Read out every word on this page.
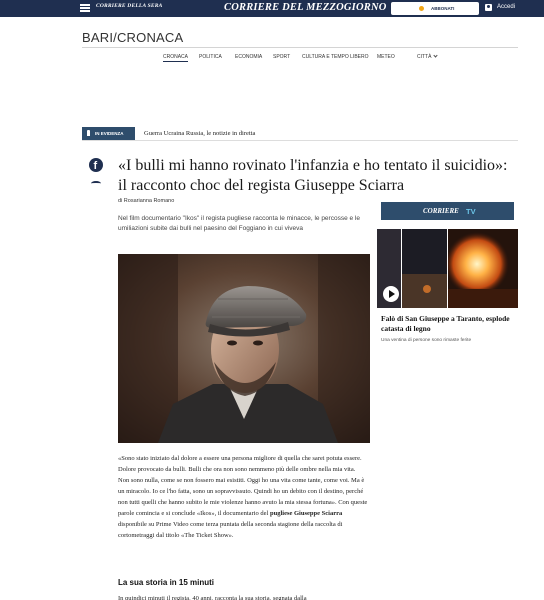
CORRIERE DELLA SERA	CORRIERE DEL MEZZOGIORNO	ABBONATI	Accedi
BARI/CRONACA
CRONACA POLITICA	ECONOMIA SPORT CULTURA E TEMPO LIBERO METEO	CITTÀ
IN EVIDENZA	Guerra Ucraina Russia, le notizie in diretta
f «I bulli mi hanno rovinato l'infanzia e ho tentato il suicidio»: il racconto choc del regista Giuseppe Sciarra
di Rosarianna Romano

Nel film documentario "Ikos" il regista pugliese racconta le minacce, le percosse e le umiliazioni subite dai bulli nel paesino del Foggiano in cui viveva

«Sono stato iniziato dal dolore a essere una persona migliore di quella che sarei potuta essere. Dolore provocato da bulli. Bulli che ora non sono nemmeno più delle ombre nella mia vita. Non sono nulla, come se non fossero mai esistiti. Oggi ho una vita come tante, come voi. Ma è un miracolo. Io ce l'ho fatta, sono un sopravvissuto. Quindi ho un debito con il destino, perché non tutti quelli che hanno subito le mie violenze hanno avuto la mia stessa fortuna». Con queste parole comincia e si conclude «Ikos», il documentario del pugliese Giuseppe Sciarra disponibile su Prime Video come terza puntata della seconda stagione della raccolta di cortometraggi dal titolo «The Ticket Show».
La sua storia in 15 minuti
In quindici minuti il regista, 40 anni, racconta la sua storia, segnata dalla
CORRIERE TV
Falò di San Giuseppe a Taranto, esplode catasta di legno
Una ventina di persone sono rimaste ferite
